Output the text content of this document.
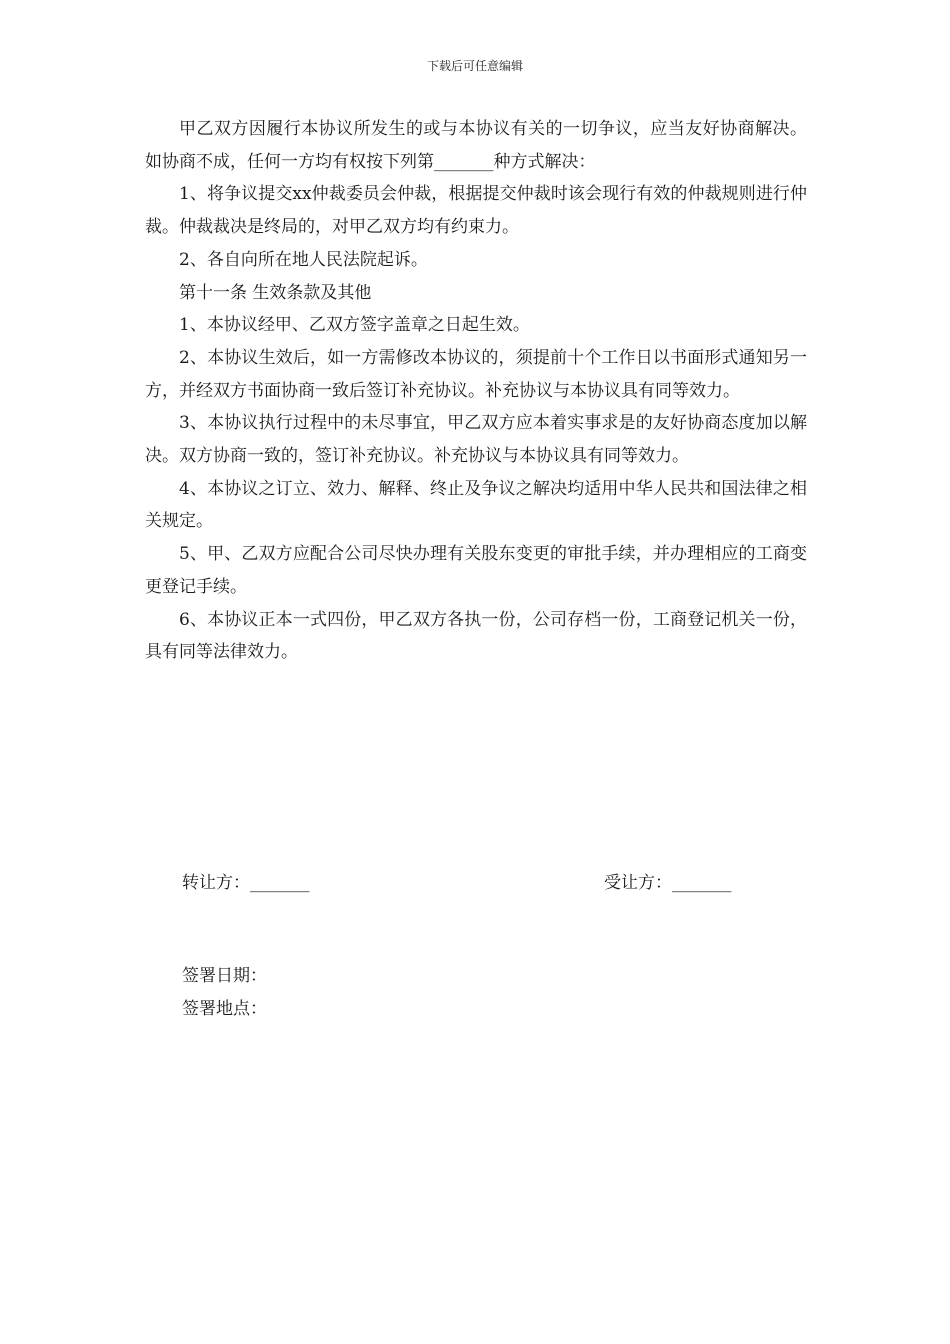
下载后可任意编辑

甲乙双方因履行本协议所发生的或与本协议有关的一切争议，应当友好协商解决。如协商不成，任何一方均有权按下列第_______种方式解决：

1、将争议提交xx仲裁委员会仲裁，根据提交仲裁时该会现行有效的仲裁规则进行仲裁。仲裁裁决是终局的，对甲乙双方均有约束力。

2、各自向所在地人民法院起诉。

第十一条 生效条款及其他

1、本协议经甲、乙双方签字盖章之日起生效。

2、本协议生效后，如一方需修改本协议的，须提前十个工作日以书面形式通知另一方，并经双方书面协商一致后签订补充协议。补充协议与本协议具有同等效力。

3、本协议执行过程中的未尽事宜，甲乙双方应本着实事求是的友好协商态度加以解决。双方协商一致的，签订补充协议。补充协议与本协议具有同等效力。

4、本协议之订立、效力、解释、终止及争议之解决均适用中华人民共和国法律之相关规定。

5、甲、乙双方应配合公司尽快办理有关股东变更的审批手续，并办理相应的工商变更登记手续。

6、本协议正本一式四份，甲乙双方各执一份，公司存档一份，工商登记机关一份，具有同等法律效力。

转让方：_______	受让方：_______
签署日期：
签署地点：
